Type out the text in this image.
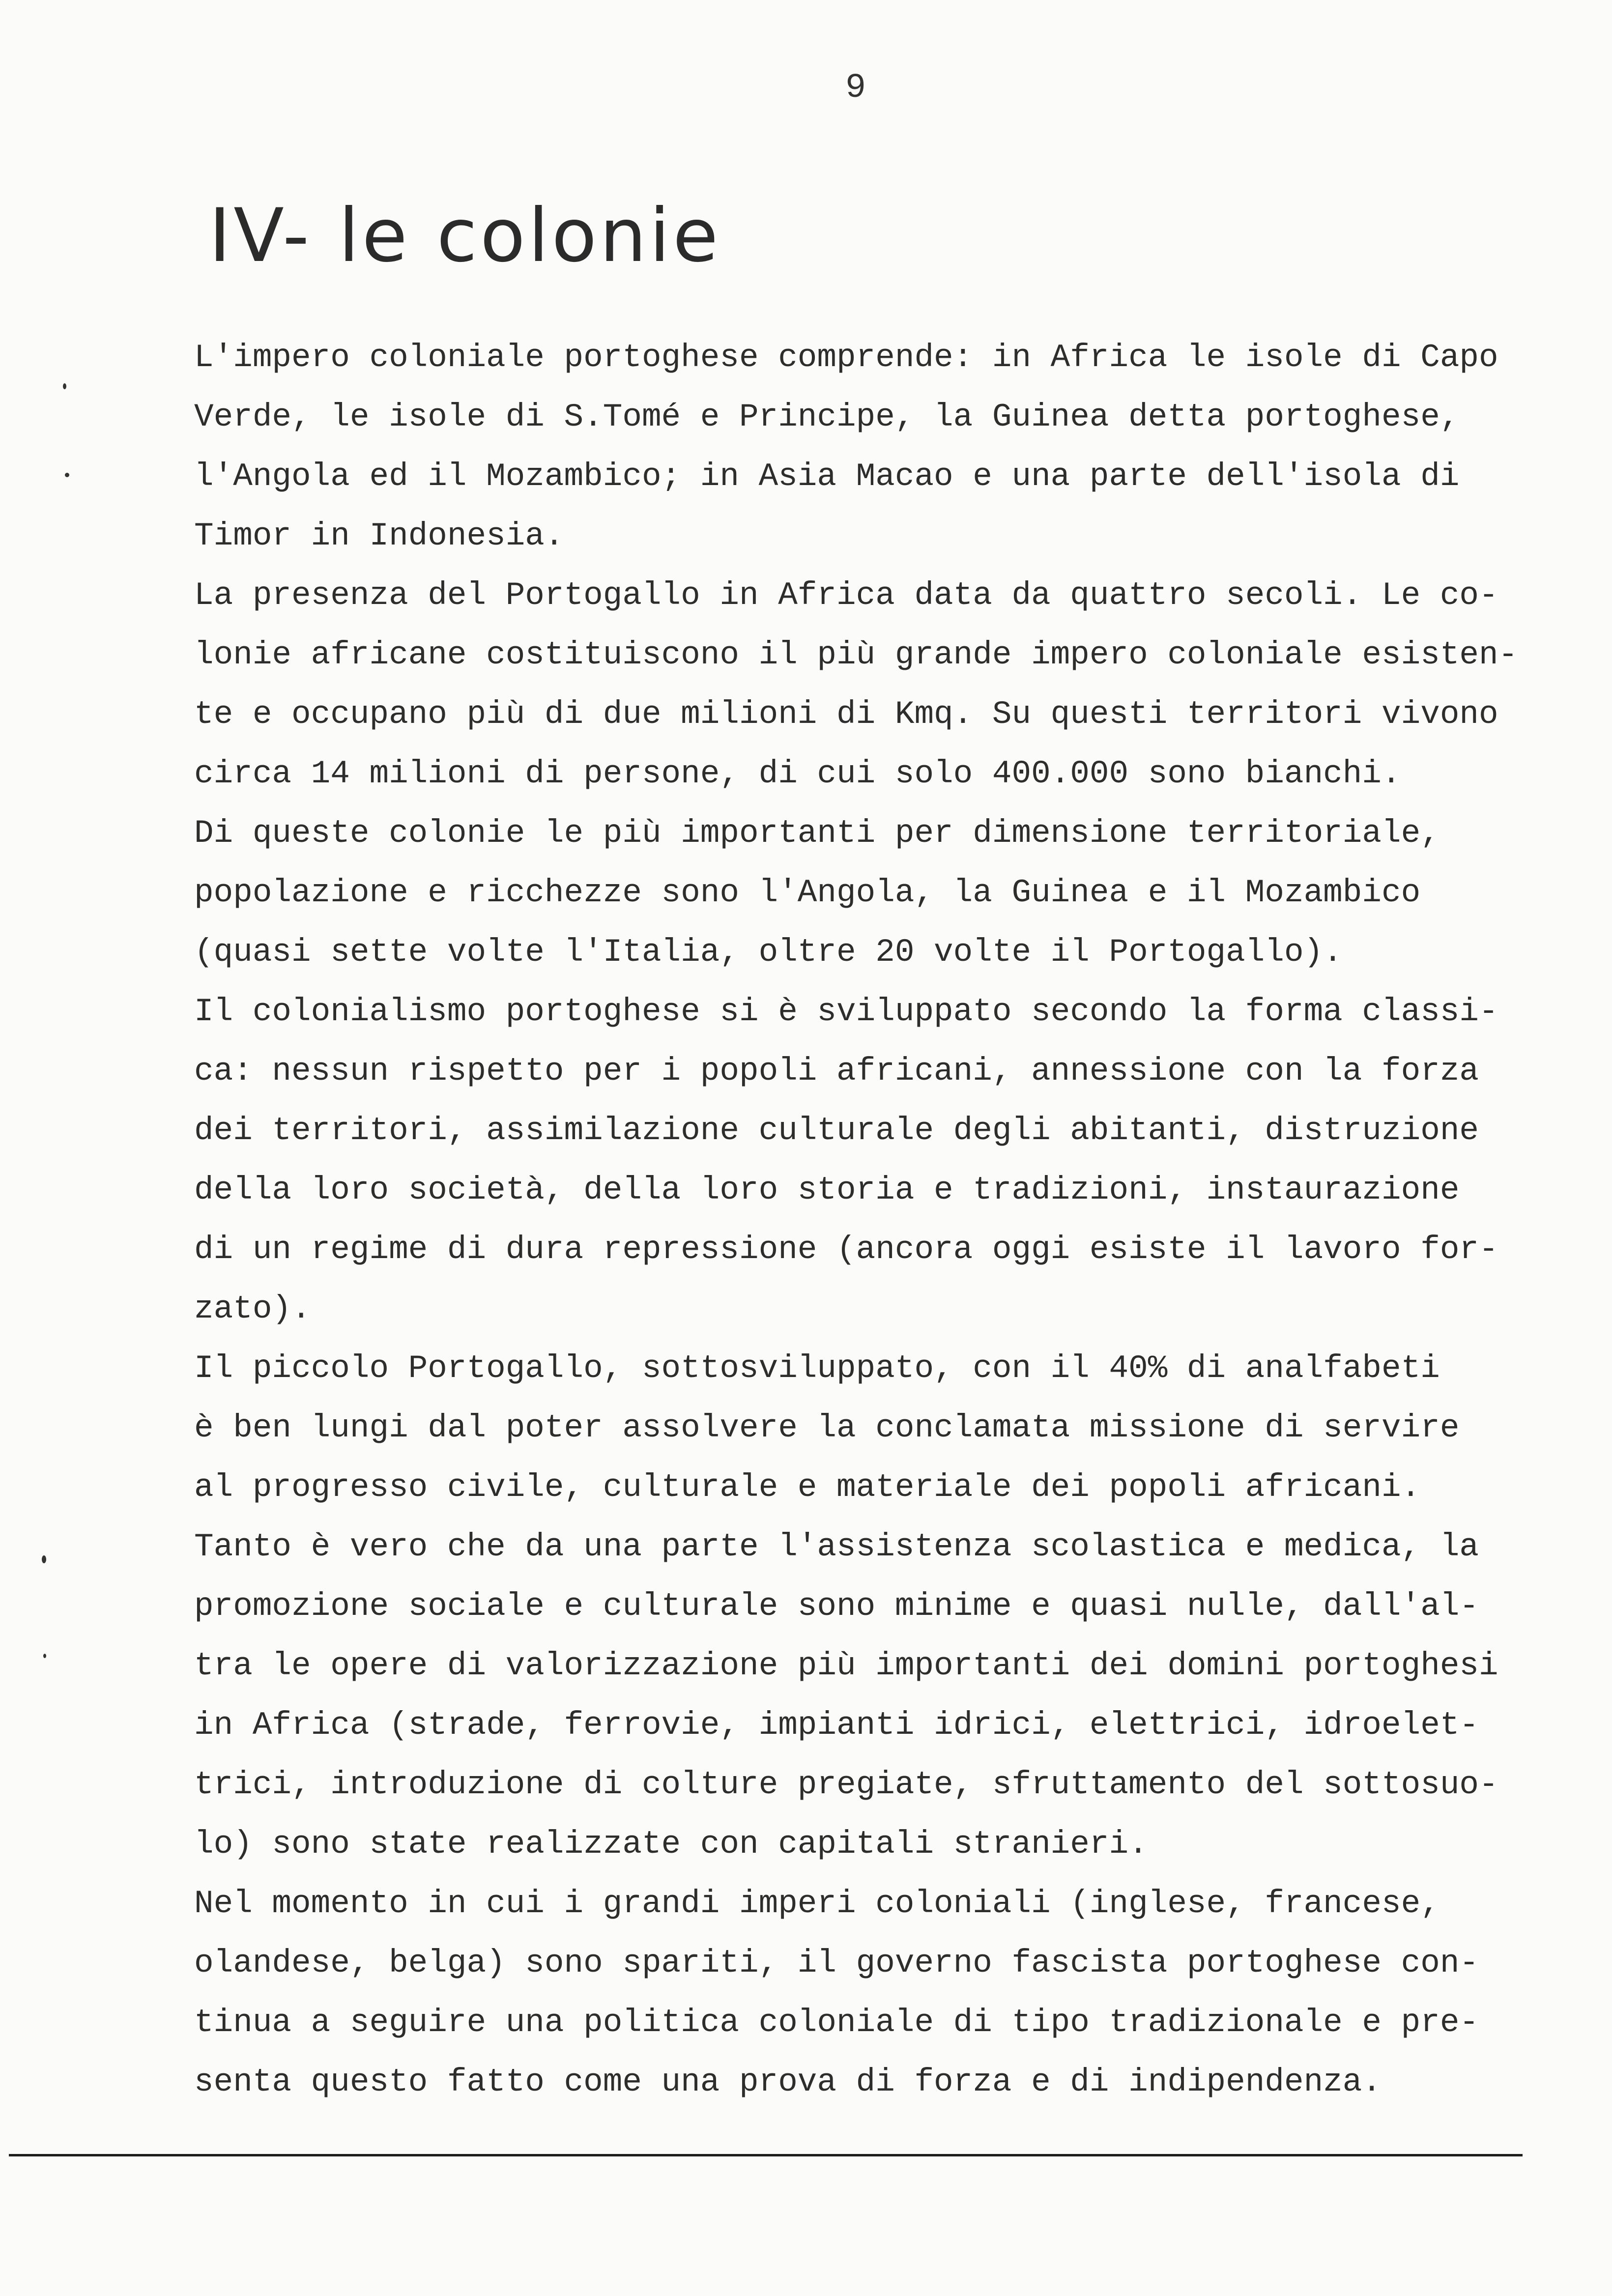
9
IV- le colonie
L'impero coloniale portoghese comprende: in Africa le isole di Capo
Verde, le isole di S.Tomé e Principe, la Guinea detta portoghese,
l'Angola ed il Mozambico; in Asia Macao e una parte dell'isola di
Timor in Indonesia.
La presenza del Portogallo in Africa data da quattro secoli. Le co-
lonie africane costituiscono il più grande impero coloniale esisten-
te e occupano più di due milioni di Kmq. Su questi territori vivono
circa 14 milioni di persone, di cui solo 400.000 sono bianchi.
Di queste colonie le più importanti per dimensione territoriale,
popolazione e ricchezze sono l'Angola, la Guinea e il Mozambico
(quasi sette volte l'Italia, oltre 20 volte il Portogallo).
Il colonialismo portoghese si è sviluppato secondo la forma classi-
ca: nessun rispetto per i popoli africani, annessione con la forza
dei territori, assimilazione culturale degli abitanti, distruzione
della loro società, della loro storia e tradizioni, instaurazione
di un regime di dura repressione (ancora oggi esiste il lavoro for-
zato).
Il piccolo Portogallo, sottosviluppato, con il 40% di analfabeti
è ben lungi dal poter assolvere la conclamata missione di servire
al progresso civile, culturale e materiale dei popoli africani.
Tanto è vero che da una parte l'assistenza scolastica e medica, la
promozione sociale e culturale sono minime e quasi nulle, dall'al-
tra le opere di valorizzazione più importanti dei domini portoghesi
in Africa (strade, ferrovie, impianti idrici, elettrici, idroelet-
trici, introduzione di colture pregiate, sfruttamento del sottosuo-
lo) sono state realizzate con capitali stranieri.
Nel momento in cui i grandi imperi coloniali (inglese, francese,
olandese, belga) sono spariti, il governo fascista portoghese con-
tinua a seguire una politica coloniale di tipo tradizionale e pre-
senta questo fatto come una prova di forza e di indipendenza.
